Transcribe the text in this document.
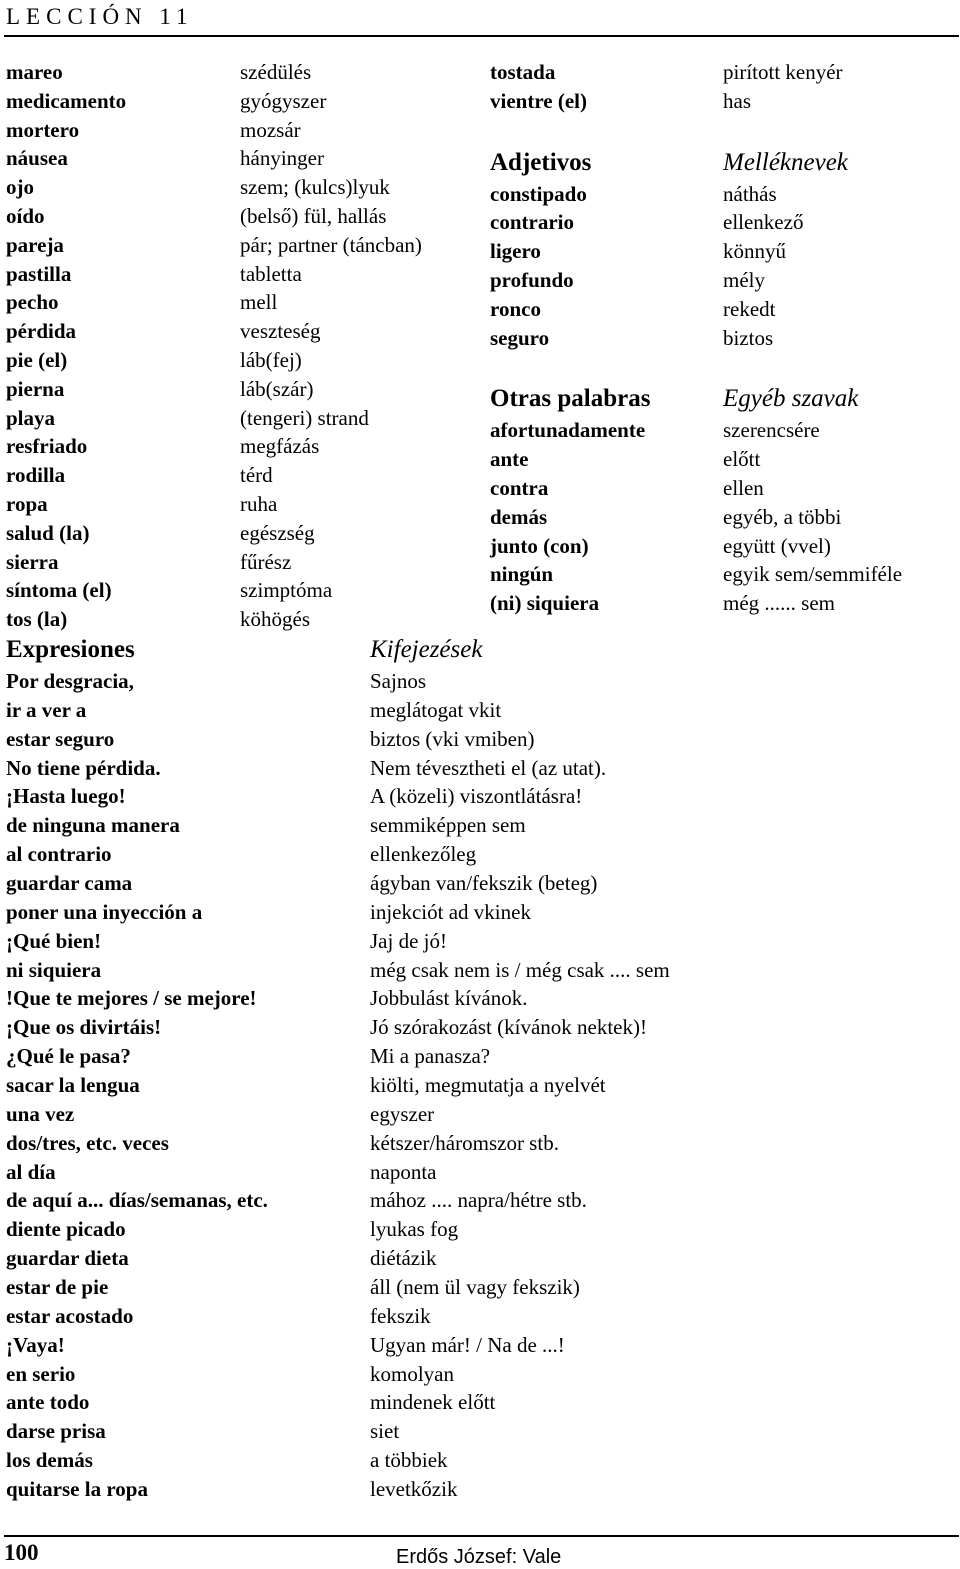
LECCIÓN 11
mareo
medicamento
mortero
náusea
ojo
oído
pareja
pastilla
pecho
pérdida
pie (el)
pierna
playa
resfriado
rodilla
ropa
salud (la)
sierra
síntoma (el)
tos (la)
szédülés
gyógyszer
mozsár
hányinger
szem; (kulcs)lyuk
(belső) fül, hallás
pár; partner (táncban)
tabletta
mell
veszteség
láb(fej)
láb(szár)
(tengeri) strand
megfázás
térd
ruha
egészség
fűrész
szimptóma
köhögés
tostada
vientre (el)
Adjetivos
constipado
contrario
ligero
profundo
ronco
seguro
Otras palabras
afortunadamente
ante
contra
demás
junto (con)
ningún
(ni) siquiera
pirított kenyér
has
Melléknevek
náthás
ellenkező
könnyű
mély
rekedt
biztos
Egyéb szavak
szerencsére
előtt
ellen
egyéb, a többi
együtt (vvel)
egyik sem/semmiféle
még ...... sem
Expresiones
Por desgracia,
ir a ver a
estar seguro
No tiene pérdida.
¡Hasta luego!
de ninguna manera
al contrario
guardar cama
poner una inyección a
¡Qué bien!
ni siquiera
!Que te mejores / se mejore!
¡Que os divirtáis!
¿Qué le pasa?
sacar la lengua
una vez
dos/tres, etc. veces
al día
de aquí a... días/semanas, etc.
diente picado
guardar dieta
estar de pie
estar acostado
¡Vaya!
en serio
ante todo
darse prisa
los demás
quitarse la ropa
Kifejezések
Sajnos
meglátogat vkit
biztos (vki vmiben)
Nem tévesztheti el (az utat).
A (közeli) viszontlátásra!
semmiképpen sem
ellenkezőleg
ágyban van/fekszik (beteg)
injekciót ad vkinek
Jaj de jó!
még csak nem is / még csak .... sem
Jobbulást kívánok.
Jó szórakozást (kívánok nektek)!
Mi a panasza?
kiölti, megmutatja a nyelvét
egyszer
kétszer/háromszor stb.
naponta
mához .... napra/hétre stb.
lyukas fog
diétázik
áll (nem ül vagy fekszik)
fekszik
Ugyan már! / Na de ...!
komolyan
mindenek előtt
siet
a többiek
levetkőzik
100	Erdős József: Vale
